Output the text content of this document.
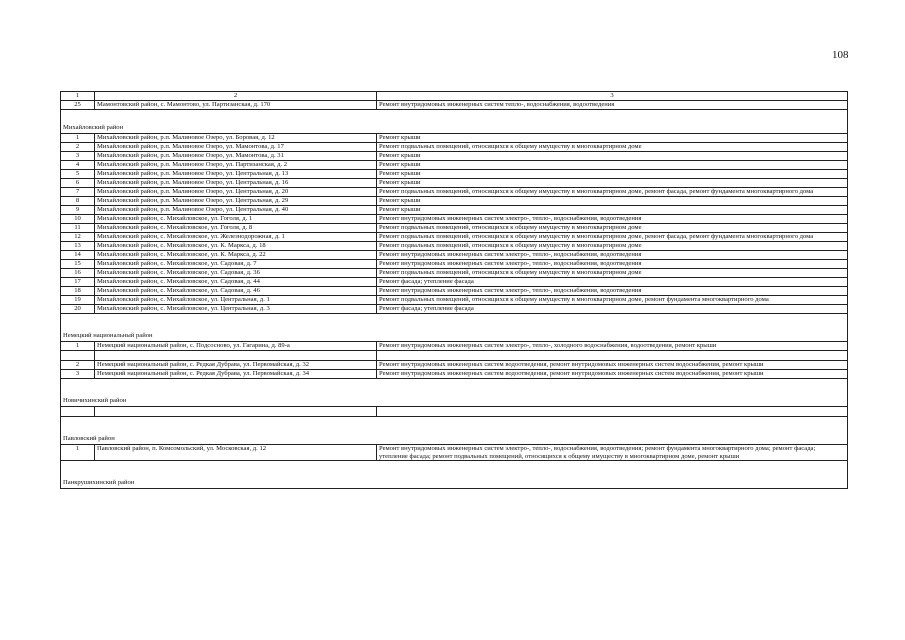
108
1	2	3
25	Мамонтовский район, с. Мамонтово, ул. Партизанская, д. 170	Ремонт внутридомовых инженерных систем тепло-, водоснабжения, водоотведения
Михайловский район		
1	Михайловский район, р.п. Малиновое Озеро, ул. Боровая, д. 12	Ремонт крыши
2	Михайловский район, р.п. Малиновое Озеро, ул. Мамонтова, д. 17	Ремонт подвальных помещений, относящихся к общему имуществу в многоквартирном доме
3	Михайловский район, р.п. Малиновое Озеро, ул. Мамонтова, д. 31	Ремонт крыши
4	Михайловский район, р.п. Малиновое Озеро, ул. Партизанская, д. 2	Ремонт крыши
5	Михайловский район, р.п. Малиновое Озеро, ул. Центральная, д. 13	Ремонт крыши
6	Михайловский район, р.п. Малиновое Озеро, ул. Центральная, д. 16	Ремонт крыши
7	Михайловский район, р.п. Малиновое Озеро, ул. Центральная, д. 20	Ремонт подвальных помещений, относящихся к общему имуществу в многоквартирном доме, ремонт фасада, ремонт фундамента многоквартирного дома
8	Михайловский район, р.п. Малиновое Озеро, ул. Центральная, д. 29	Ремонт крыши
9	Михайловский район, р.п. Малиновое Озеро, ул. Центральная, д. 40	Ремонт крыши
10	Михайловский район, с. Михайловское, ул. Гоголя, д. 1	Ремонт внутридомовых инженерных систем электро-, тепло-, водоснабжения, водоотведения
11	Михайловский район, с. Михайловское, ул. Гоголя, д. 8	Ремонт подвальных помещений, относящихся к общему имуществу в многоквартирном доме
12	Михайловский район, с. Михайловское, ул. Железнодорожная, д. 1	Ремонт подвальных помещений, относящихся к общему имуществу в многоквартирном доме, ремонт фасада, ремонт фундамента многоквартирного дома
13	Михайловский район, с. Михайловское, ул. К. Маркса, д. 18	Ремонт подвальных помещений, относящихся к общему имуществу в многоквартирном доме
14	Михайловский район, с. Михайловское, ул. К. Маркса, д. 22	Ремонт внутридомовых инженерных систем электро-, тепло-, водоснабжения, водоотведения
15	Михайловский район, с. Михайловское, ул. Садовая, д. 7	Ремонт внутридомовых инженерных систем электро-, тепло-, водоснабжения, водоотведения
16	Михайловский район, с. Михайловское, ул. Садовая, д. 36	Ремонт подвальных помещений, относящихся к общему имуществу в многоквартирном доме
17	Михайловский район, с. Михайловское, ул. Садовая, д. 44	Ремонт фасада; утепление фасада
18	Михайловский район, с. Михайловское, ул. Садовая, д. 46	Ремонт внутридомовых инженерных систем электро-, тепло-, водоснабжения, водоотведения
19	Михайловский район, с. Михайловское, ул. Центральная, д. 1	Ремонт подвальных помещений, относящихся к общему имуществу в многоквартирном доме, ремонт фундамента многоквартирного дома
20	Михайловский район, с. Михайловское, ул. Центральная, д. 3	Ремонт фасада; утепление фасада
Немецкий национальный район		
1	Немецкий национальный район, с. Подсосново, ул. Гагарина, д. 89-а	Ремонт внутридомовых инженерных систем электро-, тепло-, холодного водоснабжения, водоотведения, ремонт крыши

2	Немецкий национальный район, с. Редкая Дубрава, ул. Первомайская, д. 32	Ремонт внутридомовых инженерных систем водоотведения, ремонт внутридомовых инженерных систем водоснабжения, ремонт крыши
3	Немецкий национальный район, с. Редкая Дубрава, ул. Первомайская, д. 34	Ремонт внутридомовых инженерных систем водоотведения, ремонт внутридомовых инженерных систем водоснабжения, ремонт крыши
Новичихинский район		

Павловский район		
1	Павловский район, п. Комсомольский, ул. Московская, д. 12	Ремонт внутридомовых инженерных систем электро-, тепло-, водоснабжения, водоотведения; ремонт фундамента многоквартирного дома; ремонт фасада; утепление фасада; ремонт подвальных помещений, относящихся к общему имуществу в многоквартирном доме, ремонт крыши
Панкрушихинский район		
